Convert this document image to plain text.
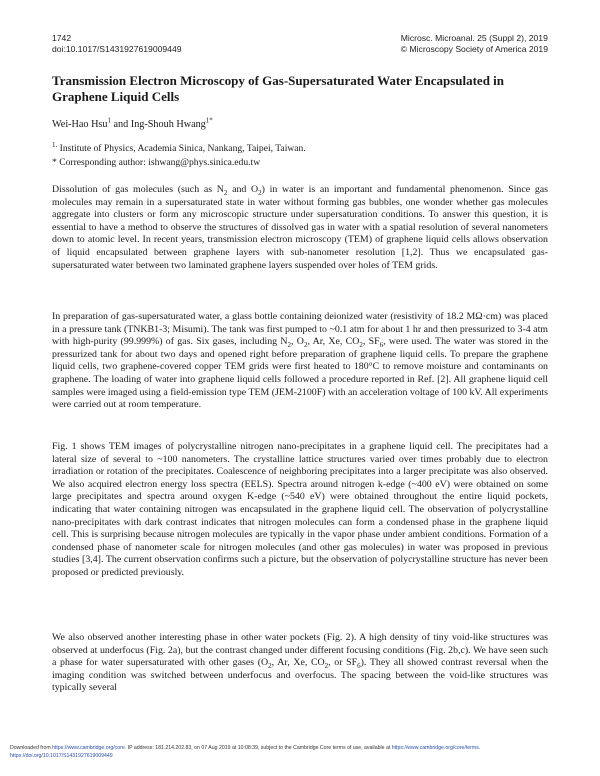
1742
doi:10.1017/S1431927619009449
Microsc. Microanal. 25 (Suppl 2), 2019
© Microscopy Society of America 2019
Transmission Electron Microscopy of Gas-Supersaturated Water Encapsulated in Graphene Liquid Cells
Wei-Hao Hsu$^1$ and Ing-Shouh Hwang$^{1*}$
$^{1.}$ Institute of Physics, Academia Sinica, Nankang, Taipei, Taiwan.
* Corresponding author: ishwang@phys.sinica.edu.tw
Dissolution of gas molecules (such as $N_2$ and $O_2$) in water is an important and fundamental phenomenon. Since gas molecules may remain in a supersaturated state in water without forming gas bubbles, one wonder whether gas molecules aggregate into clusters or form any microscopic structure under supersaturation conditions. To answer this question, it is essential to have a method to observe the structures of dissolved gas in water with a spatial resolution of several nanometers down to atomic level. In recent years, transmission electron microscopy (TEM) of graphene liquid cells allows observation of liquid encapsulated between graphene layers with sub-nanometer resolution [1,2]. Thus we encapsulated gas-supersaturated water between two laminated graphene layers suspended over holes of TEM grids.
In preparation of gas-supersaturated water, a glass bottle containing deionized water (resistivity of 18.2 MΩ·cm) was placed in a pressure tank (TNKB1-3; Misumi). The tank was first pumped to ~0.1 atm for about 1 hr and then pressurized to 3-4 atm with high-purity (99.999%) of gas. Six gases, including $N_2$, $O_2$, Ar, Xe, $CO_2$, $SF_6$, were used. The water was stored in the pressurized tank for about two days and opened right before preparation of graphene liquid cells. To prepare the graphene liquid cells, two graphene-covered copper TEM grids were first heated to 180°C to remove moisture and contaminants on graphene. The loading of water into graphene liquid cells followed a procedure reported in Ref. [2]. All graphene liquid cell samples were imaged using a field-emission type TEM (JEM-2100F) with an acceleration voltage of 100 kV. All experiments were carried out at room temperature.
Fig. 1 shows TEM images of polycrystalline nitrogen nano-precipitates in a graphene liquid cell. The precipitates had a lateral size of several to ~100 nanometers. The crystalline lattice structures varied over times probably due to electron irradiation or rotation of the precipitates. Coalescence of neighboring precipitates into a larger precipitate was also observed. We also acquired electron energy loss spectra (EELS). Spectra around nitrogen k-edge (~400 eV) were obtained on some large precipitates and spectra around oxygen K-edge (~540 eV) were obtained throughout the entire liquid pockets, indicating that water containing nitrogen was encapsulated in the graphene liquid cell. The observation of polycrystalline nano-precipitates with dark contrast indicates that nitrogen molecules can form a condensed phase in the graphene liquid cell. This is surprising because nitrogen molecules are typically in the vapor phase under ambient conditions. Formation of a condensed phase of nanometer scale for nitrogen molecules (and other gas molecules) in water was proposed in previous studies [3,4]. The current observation confirms such a picture, but the observation of polycrystalline structure has never been proposed or predicted previously.
We also observed another interesting phase in other water pockets (Fig. 2). A high density of tiny void-like structures was observed at underfocus (Fig. 2a), but the contrast changed under different focusing conditions (Fig. 2b,c). We have seen such a phase for water supersaturated with other gases ($O_2$, Ar, Xe, $CO_2$, or $SF_6$). They all showed contrast reversal when the imaging condition was switched between underfocus and overfocus. The spacing between the void-like structures was typically several
Downloaded from https://www.cambridge.org/core. IP address: 181.214.202.83, on 07 Aug 2019 at 10:08:39, subject to the Cambridge Core terms of use, available at https://www.cambridge.org/core/terms.
https://doi.org/10.1017/S1431927619009449
